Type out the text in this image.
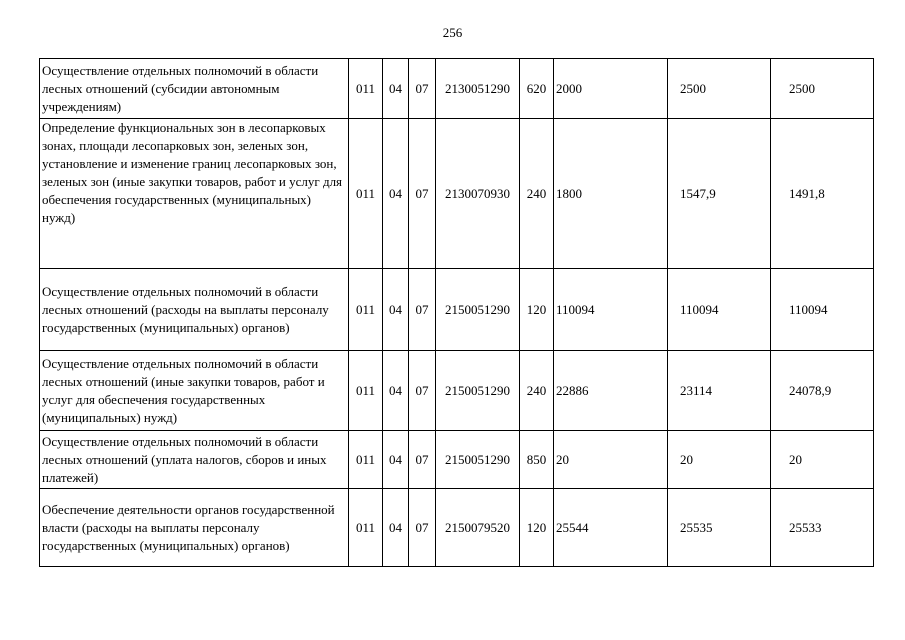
256
Осуществление отдельных полномочий в области лесных отношений (субсидии автономным учреждениям)	011	04	07	2130051290	620	2000	2500	2500

Определение функциональных зон в лесопарковых зонах, площади лесопарковых зон, зеленых зон, установление и изменение границ лесопарковых зон, зеленых зон (иные закупки товаров, работ и услуг для обеспечения государственных (муниципальных) нужд)	011	04	07	2130070930	240	1800	1547,9	1491,8

Осуществление отдельных полномочий в области лесных отношений (расходы на выплаты персоналу государственных (муниципальных) органов)	011	04	07	2150051290	120	110094	110094	110094

Осуществление отдельных полномочий в области лесных отношений (иные закупки товаров, работ и услуг для обеспечения государственных (муниципальных) нужд)	011	04	07	2150051290	240	22886	23114	24078,9

Осуществление отдельных полномочий в области лесных отношений (уплата налогов, сборов и иных платежей)	011	04	07	2150051290	850	20	20	20

Обеспечение деятельности органов государственной власти (расходы на выплаты персоналу государственных (муниципальных) органов)	011	04	07	2150079520	120	25544	25535	25533
